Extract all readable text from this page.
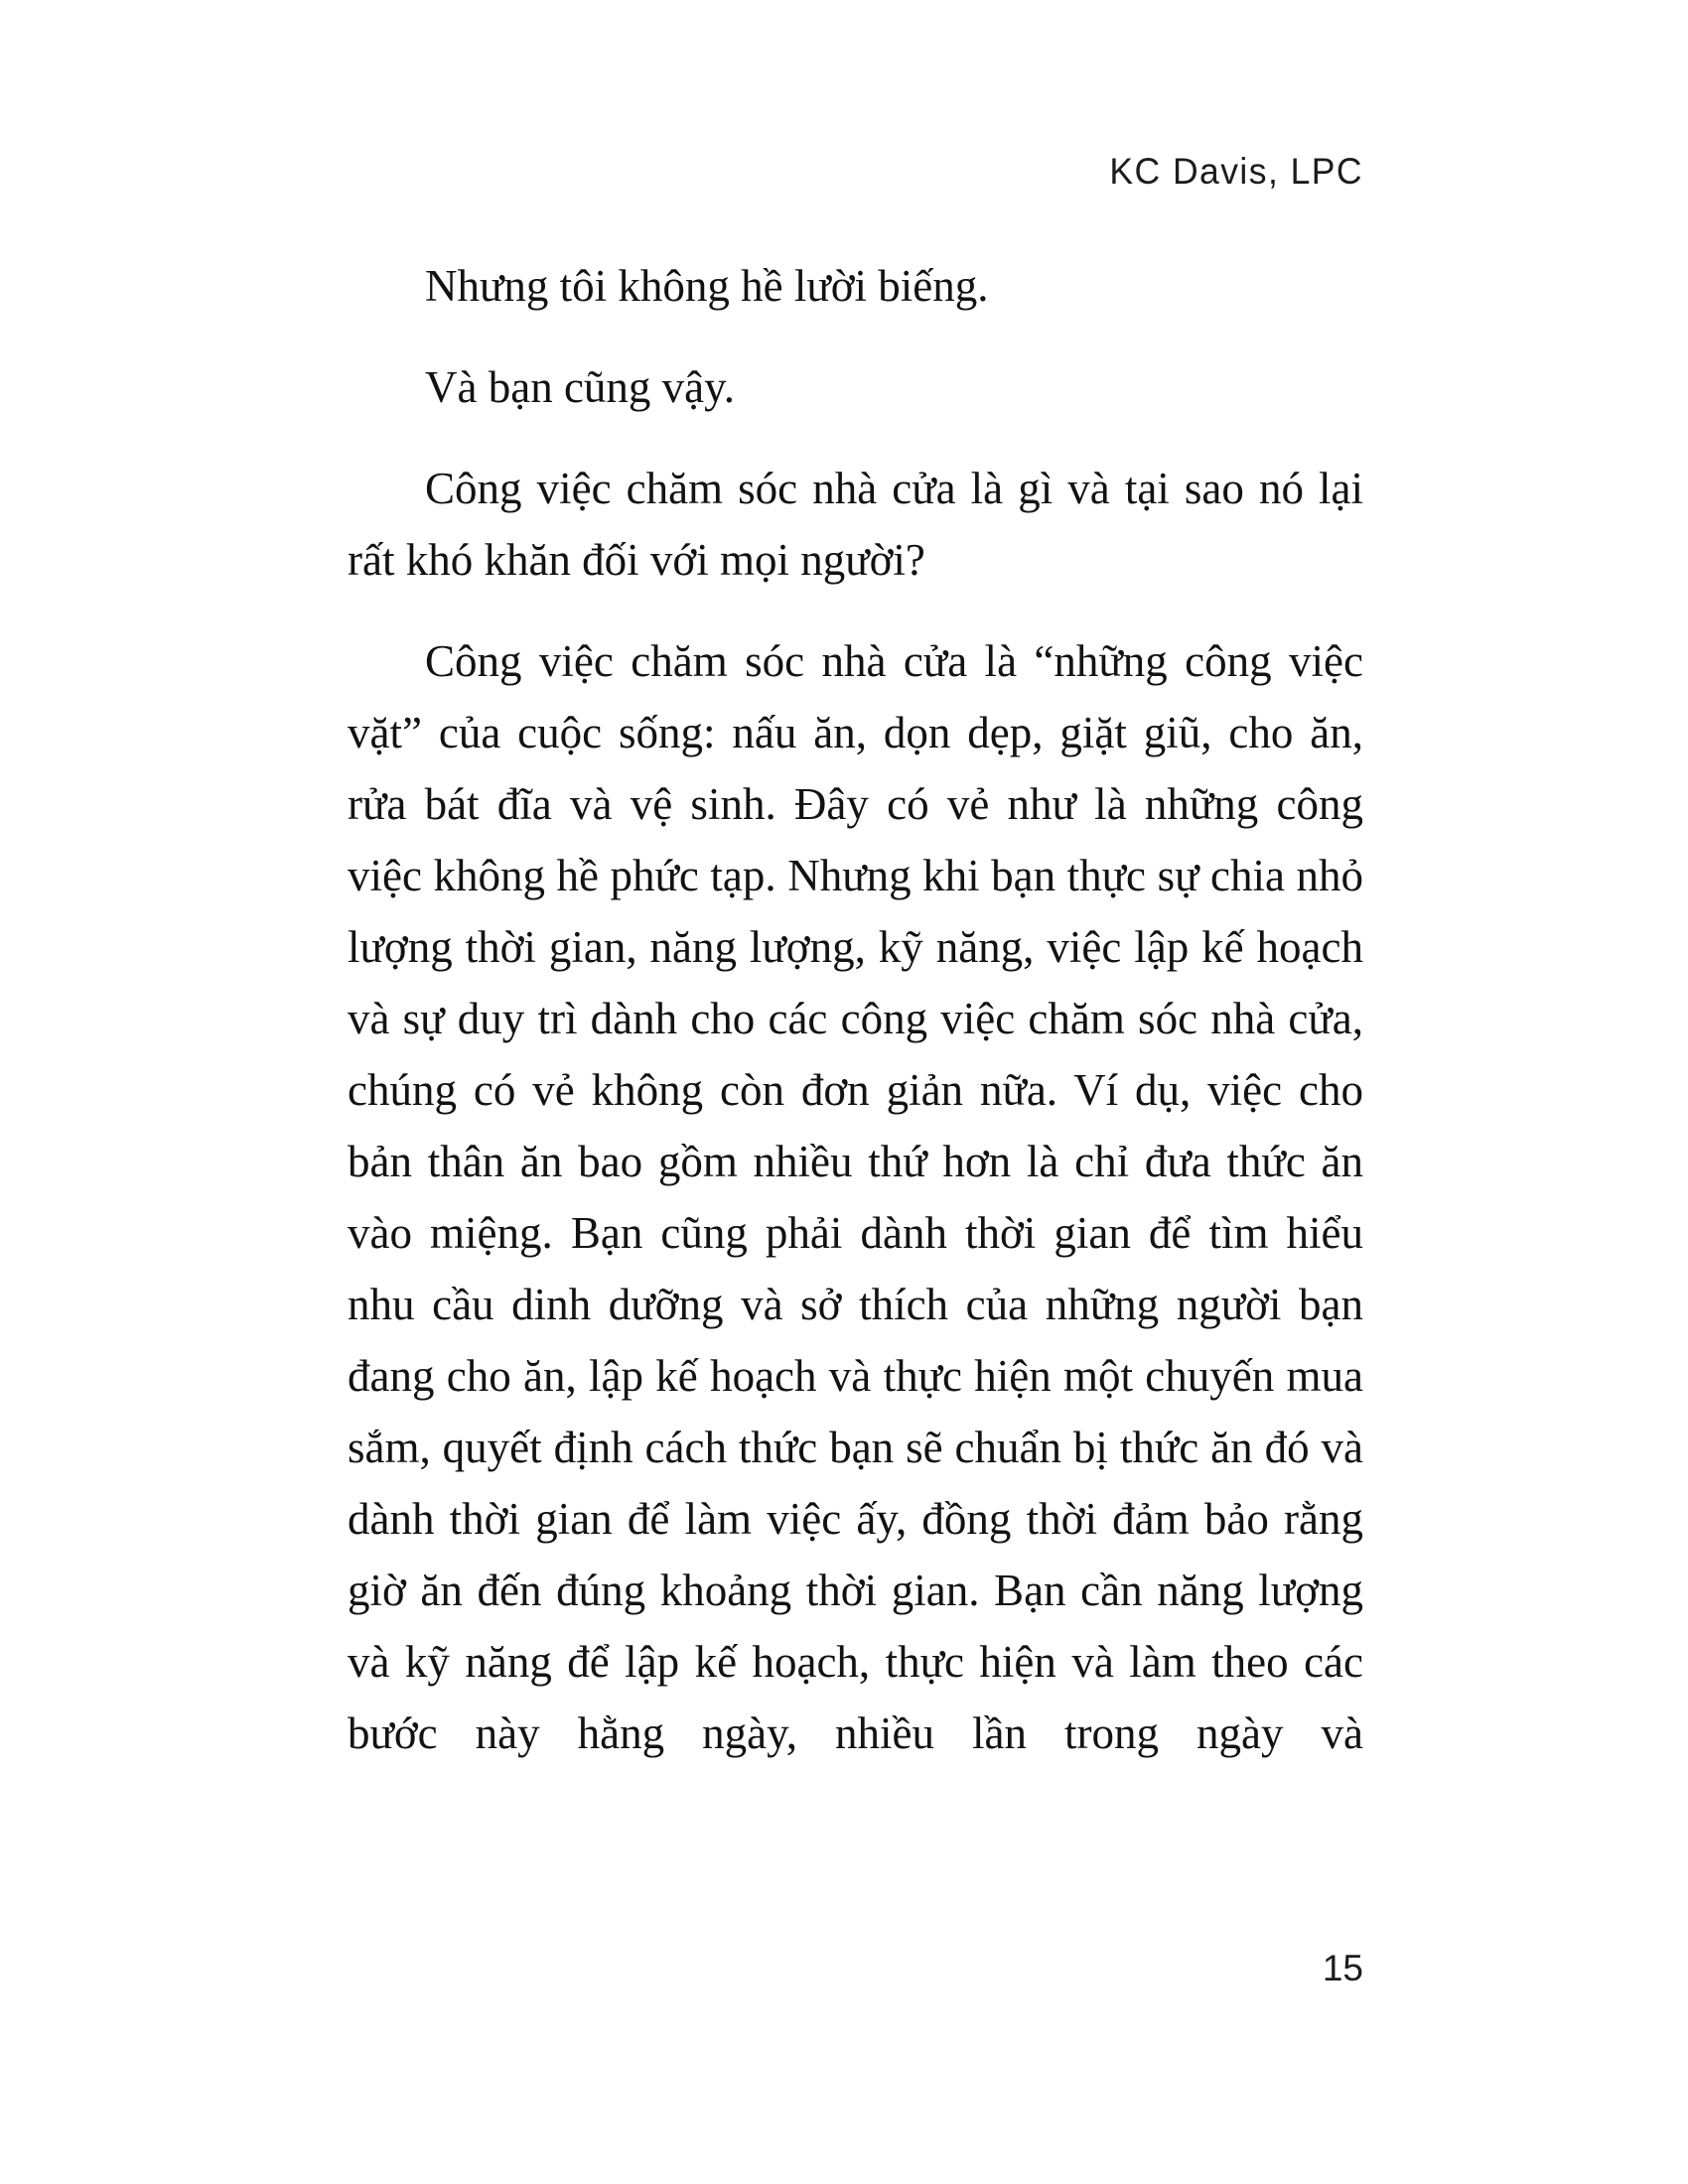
KC Davis, LPC

Nhưng tôi không hề lười biếng.

Và bạn cũng vậy.

Công việc chăm sóc nhà cửa là gì và tại sao nó lại rất khó khăn đối với mọi người?

Công việc chăm sóc nhà cửa là “những công việc vặt” của cuộc sống: nấu ăn, dọn dẹp, giặt giũ, cho ăn, rửa bát đĩa và vệ sinh. Đây có vẻ như là những công việc không hề phức tạp. Nhưng khi bạn thực sự chia nhỏ lượng thời gian, năng lượng, kỹ năng, việc lập kế hoạch và sự duy trì dành cho các công việc chăm sóc nhà cửa, chúng có vẻ không còn đơn giản nữa. Ví dụ, việc cho bản thân ăn bao gồm nhiều thứ hơn là chỉ đưa thức ăn vào miệng. Bạn cũng phải dành thời gian để tìm hiểu nhu cầu dinh dưỡng và sở thích của những người bạn đang cho ăn, lập kế hoạch và thực hiện một chuyến mua sắm, quyết định cách thức bạn sẽ chuẩn bị thức ăn đó và dành thời gian để làm việc ấy, đồng thời đảm bảo rằng giờ ăn đến đúng khoảng thời gian. Bạn cần năng lượng và kỹ năng để lập kế hoạch, thực hiện và làm theo các bước này hằng ngày, nhiều lần trong ngày và

15
